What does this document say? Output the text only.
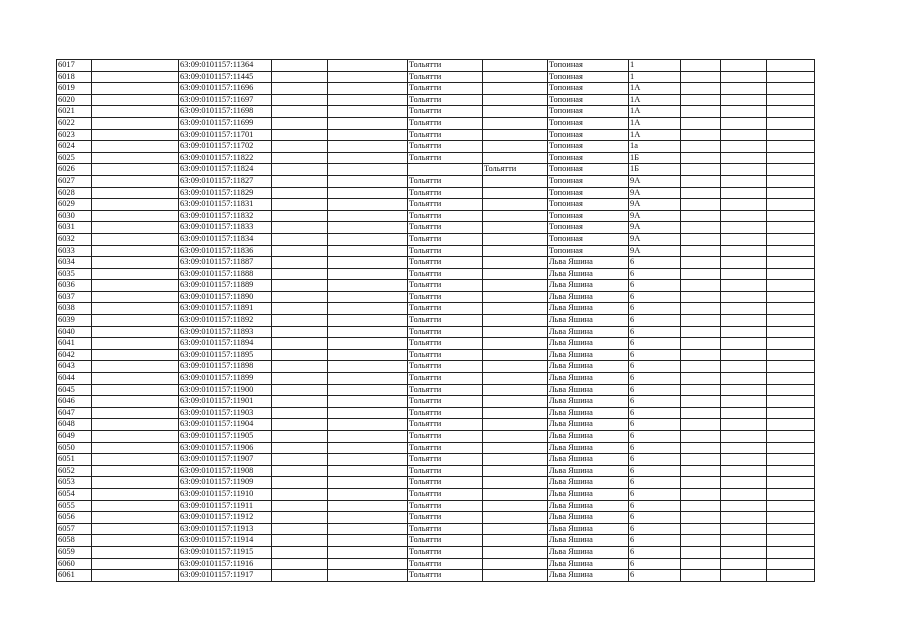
6017		63:09:0101157:11364			Тольятти		Топоиная	1			
6018		63:09:0101157:11445			Тольятти		Топоиная	1			
6019		63:09:0101157:11696			Тольятти		Топоиная	1А			
6020		63:09:0101157:11697			Тольятти		Топоиная	1А			
6021		63:09:0101157:11698			Тольятти		Топоиная	1А			
6022		63:09:0101157:11699			Тольятти		Топоиная	1А			
6023		63:09:0101157:11701			Тольятти		Топоиная	1А			
6024		63:09:0101157:11702			Тольятти		Топоиная	1а			
6025		63:09:0101157:11822			Тольятти		Топоиная	1Б			
6026		63:09:0101157:11824				Тольятти	Топоиная	1Б			
6027		63:09:0101157:11827			Тольятти		Топоиная	9А			
6028		63:09:0101157:11829			Тольятти		Топоиная	9А			
6029		63:09:0101157:11831			Тольятти		Топоиная	9А			
6030		63:09:0101157:11832			Тольятти		Топоиная	9А			
6031		63:09:0101157:11833			Тольятти		Топоиная	9А			
6032		63:09:0101157:11834			Тольятти		Топоиная	9А			
6033		63:09:0101157:11836			Тольятти		Топоиная	9А			
6034		63:09:0101157:11887			Тольятти		Льва Яшина	6			
6035		63:09:0101157:11888			Тольятти		Льва Яшина	6			
6036		63:09:0101157:11889			Тольятти		Льва Яшина	6			
6037		63:09:0101157:11890			Тольятти		Льва Яшина	6			
6038		63:09:0101157:11891			Тольятти		Льва Яшина	6			
6039		63:09:0101157:11892			Тольятти		Льва Яшина	6			
6040		63:09:0101157:11893			Тольятти		Льва Яшина	6			
6041		63:09:0101157:11894			Тольятти		Льва Яшина	6			
6042		63:09:0101157:11895			Тольятти		Льва Яшина	6			
6043		63:09:0101157:11898			Тольятти		Льва Яшина	6			
6044		63:09:0101157:11899			Тольятти		Льва Яшина	6			
6045		63:09:0101157:11900			Тольятти		Льва Яшина	6			
6046		63:09:0101157:11901			Тольятти		Льва Яшина	6			
6047		63:09:0101157:11903			Тольятти		Льва Яшина	6			
6048		63:09:0101157:11904			Тольятти		Льва Яшина	6			
6049		63:09:0101157:11905			Тольятти		Льва Яшина	6			
6050		63:09:0101157:11906			Тольятти		Льва Яшина	6			
6051		63:09:0101157:11907			Тольятти		Льва Яшина	6			
6052		63:09:0101157:11908			Тольятти		Льва Яшина	6			
6053		63:09:0101157:11909			Тольятти		Льва Яшина	6			
6054		63:09:0101157:11910			Тольятти		Льва Яшина	6			
6055		63:09:0101157:11911			Тольятти		Льва Яшина	6			
6056		63:09:0101157:11912			Тольятти		Льва Яшина	6			
6057		63:09:0101157:11913			Тольятти		Льва Яшина	6			
6058		63:09:0101157:11914			Тольятти		Льва Яшина	6			
6059		63:09:0101157:11915			Тольятти		Льва Яшина	6			
6060		63:09:0101157:11916			Тольятти		Льва Яшина	6			
6061		63:09:0101157:11917			Тольятти		Льва Яшина	6			
